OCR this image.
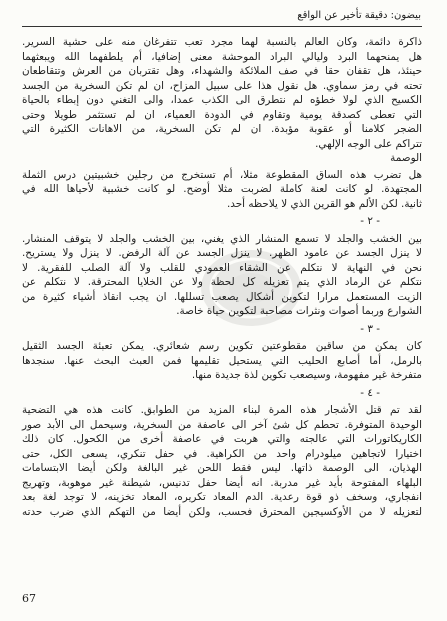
بيضون: دقيقة تأخير عن الواقع
ذاكرة دائمة، وكان العالم بالنسبة لهما مجرد تعب تتفرغان منه على حشية السرير.
هل يمنحهما البرد وليالي البراد الموحشة معنى إضافيا، أم يلطفهما الله ويبعثهما
حينئذ، هل تقفان حقا في صف الملائكة والشهداء، وهل تقتربان من العرش وتتقاطعان
تحته في رمز سماوي. هل نقول هذا على سبيل المزاح، ان لم تكن السخرية من الجسد
الكسيح الذي لولا خطؤه لم نتطرق الى الكذب عمدا، والى التغني دون إبطاء بالحياة
التي تعطى كصدقة يومية وتقاوم في الدودة العمياء، ان لم تستثمر طويلا وحتى
الضجر كلامنا أو عقوبة مؤبدة. ان لم تكن السخرية، من الاهانات الكثيرة التي
تتراكم على الوجه الإلهي.
الوصمة
هل تضرب هذه الساق المقطوعة مثلا، أم تستخرج من رجلين خشبيتين درس الثملة
المجتهدة. لو كانت لعنة كاملة لضربت مثلا أوضح. لو كانت خشبية لأحياها الله في
ثانية. لكن الألم هو القرين الذي لا يلاحظه أحد.
- ٢ -
بين الخشب والجلد لا تسمع المنشار الذي يغني، بين الخشب والجلد لا يتوقف المنشار.
لا ينزل الجسد عن عامود الظهر. لا ينزل الجسد عن آلة الرفض. لا ينزل ولا يستريح.
نحن في النهاية لا نتكلم عن الشقاء العمودي للقلب ولا آلة الصلب للفقرية. لا
نتكلم عن الرماد الذي يتم تعزيله كل لحظة ولا عن الخلايا المحترقة. لا نتكلم عن
الزيت المستعمل مرارا لتكوين أشكال يصعب تسللها. ان يجب انقاذ أشياء كثيرة من
الشوارع وربما أصوات ونثرات مصاحبة لتكوين حياة خاصة.
- ٣ -
كان يمكن من ساقين مقطوعتين تكوين رسم شعائري. يمكن تعبئة الجسد الثقيل
بالرمل، أما أصابع الحليب التي يستحيل تقليمها فمن العبث البحث عنها. سنجدها
متفرخة غير مفهومة، وسيصعب تكوين لذة جديدة منها.
- ٤ -
لقد تم قتل الأشجار هذه المرة لبناء المزيد من الطوابق. كانت هذه هي التضحية
الوحيدة المتوفرة. تحطم كل شئ آخر الى عاصفة من السخرية، وسيحمل الى الأبد صور
الكاريكاتورات التي عالجته والتي هربت في عاصفة أخرى من الكحول. كان ذلك
اختيارا لاتجاهين ميلودرام واحد من الكراهية. في حفل تنكري، يسعى الكل، حتى
الهذيان، الى الوصمة ذاتها. ليس فقط اللحن غير البالغة ولكن أيضا الابتسامات
البلهاء المفتوحة بأيد غير مدربة. انه أيضا حفل تدنيس، شيطنة غير موهوبة، وتهريج
انفجاري، وسخف ذو قوة رعدية. الدم المعاد تكريره، المعاد تخزينه، لا توجد لغة بعد
لتعزيله لا من الأوكسيجين المحترق فحسب، ولكن أيضا من التهكم الذي ضرب حدته
67
